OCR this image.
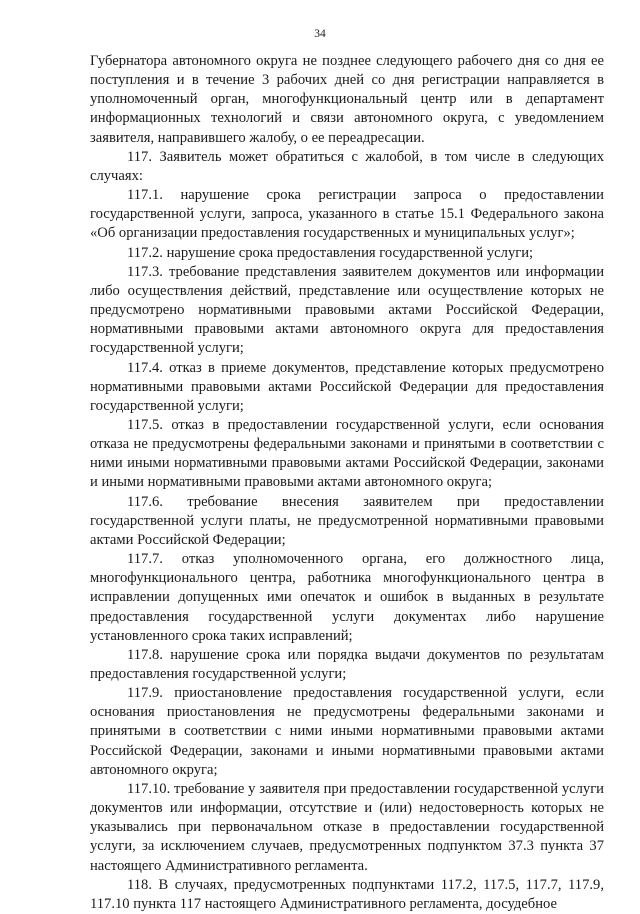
34

Губернатора автономного округа не позднее следующего рабочего дня со дня ее поступления и в течение 3 рабочих дней со дня регистрации направляется в уполномоченный орган, многофункциональный центр или в департамент информационных технологий и связи автономного округа, с уведомлением заявителя, направившего жалобу, о ее переадресации.

117. Заявитель может обратиться с жалобой, в том числе в следующих случаях:

117.1. нарушение срока регистрации запроса о предоставлении государственной услуги, запроса, указанного в статье 15.1 Федерального закона «Об организации предоставления государственных и муниципальных услуг»;

117.2. нарушение срока предоставления государственной услуги;

117.3. требование представления заявителем документов или информации либо осуществления действий, представление или осуществление которых не предусмотрено нормативными правовыми актами Российской Федерации, нормативными правовыми актами автономного округа для предоставления государственной услуги;

117.4. отказ в приеме документов, представление которых предусмотрено нормативными правовыми актами Российской Федерации для предоставления государственной услуги;

117.5. отказ в предоставлении государственной услуги, если основания отказа не предусмотрены федеральными законами и принятыми в соответствии с ними иными нормативными правовыми актами Российской Федерации, законами и иными нормативными правовыми актами автономного округа;

117.6. требование внесения заявителем при предоставлении государственной услуги платы, не предусмотренной нормативными правовыми актами Российской Федерации;

117.7. отказ уполномоченного органа, его должностного лица, многофункционального центра, работника многофункционального центра в исправлении допущенных ими опечаток и ошибок в выданных в результате предоставления государственной услуги документах либо нарушение установленного срока таких исправлений;

117.8. нарушение срока или порядка выдачи документов по результатам предоставления государственной услуги;

117.9. приостановление предоставления государственной услуги, если основания приостановления не предусмотрены федеральными законами и принятыми в соответствии с ними иными нормативными правовыми актами Российской Федерации, законами и иными нормативными правовыми актами автономного округа;

117.10. требование у заявителя при предоставлении государственной услуги документов или информации, отсутствие и (или) недостоверность которых не указывались при первоначальном отказе в предоставлении государственной услуги, за исключением случаев, предусмотренных подпунктом 37.3 пункта 37 настоящего Административного регламента.

118. В случаях, предусмотренных подпунктами 117.2, 117.5, 117.7, 117.9, 117.10 пункта 117 настоящего Административного регламента, досудебное
